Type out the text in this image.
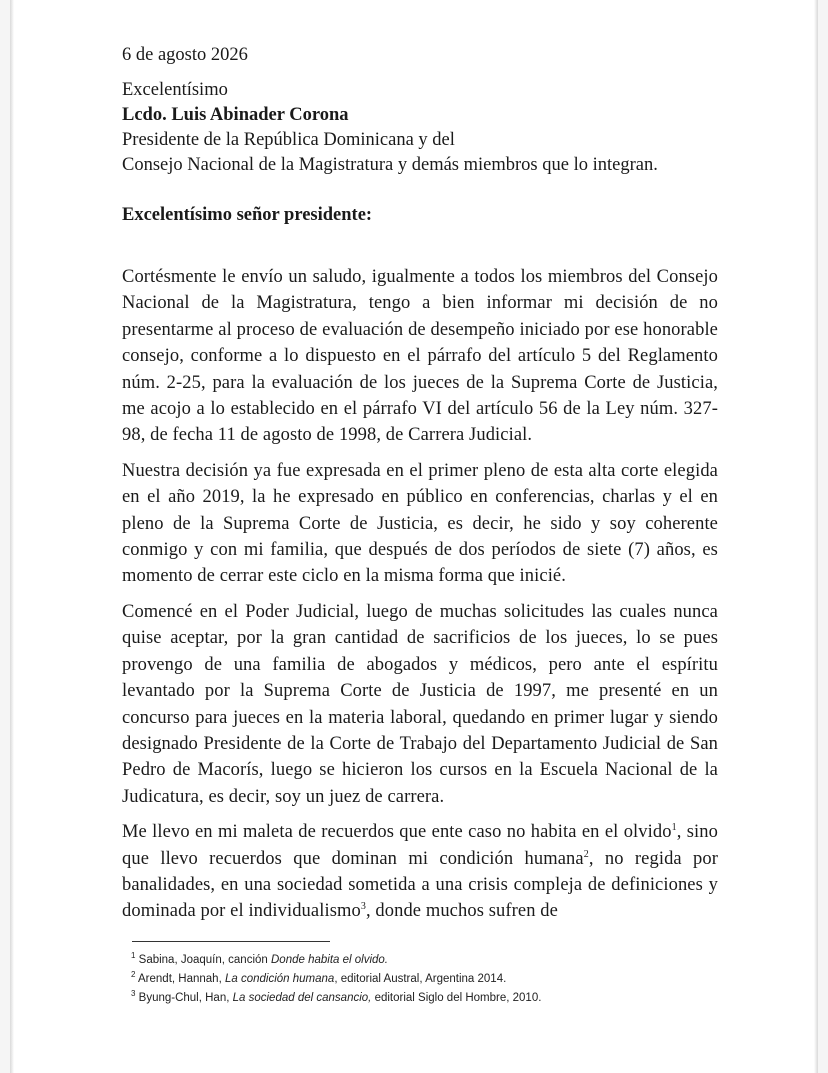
6 de agosto 2026
Excelentísimo
Lcdo. Luis Abinader Corona
Presidente de la República Dominicana y del
Consejo Nacional de la Magistratura y demás miembros que lo integran.
Excelentísimo señor presidente:

Cortésmente le envío un saludo, igualmente a todos los miembros del Consejo Nacional de la Magistratura, tengo a bien informar mi decisión de no presentarme al proceso de evaluación de desempeño iniciado por ese honorable consejo, conforme a lo dispuesto en el párrafo del artículo 5 del Reglamento núm. 2-25, para la evaluación de los jueces de la Suprema Corte de Justicia, me acojo a lo establecido en el párrafo VI del artículo 56 de la Ley núm. 327-98, de fecha 11 de agosto de 1998, de Carrera Judicial.

Nuestra decisión ya fue expresada en el primer pleno de esta alta corte elegida en el año 2019, la he expresado en público en conferencias, charlas y el en pleno de la Suprema Corte de Justicia, es decir, he sido y soy coherente conmigo y con mi familia, que después de dos períodos de siete (7) años, es momento de cerrar este ciclo en la misma forma que inicié.

Comencé en el Poder Judicial, luego de muchas solicitudes las cuales nunca quise aceptar, por la gran cantidad de sacrificios de los jueces, lo se pues provengo de una familia de abogados y médicos, pero ante el espíritu levantado por la Suprema Corte de Justicia de 1997, me presenté en un concurso para jueces en la materia laboral, quedando en primer lugar y siendo designado Presidente de la Corte de Trabajo del Departamento Judicial de San Pedro de Macorís, luego se hicieron los cursos en la Escuela Nacional de la Judicatura, es decir, soy un juez de carrera.

Me llevo en mi maleta de recuerdos que ente caso no habita en el olvido$^1$, sino que llevo recuerdos que dominan mi condición humana$^2$, no regida por banalidades, en una sociedad sometida a una crisis compleja de definiciones y dominada por el individualismo$^3$, donde muchos sufren de

$^1$ Sabina, Joaquín, canción Donde habita el olvido.
$^2$ Arendt, Hannah, La condición humana, editorial Austral, Argentina 2014.
$^3$ Byung-Chul, Han, La sociedad del cansancio, editorial Siglo del Hombre, 2010.
